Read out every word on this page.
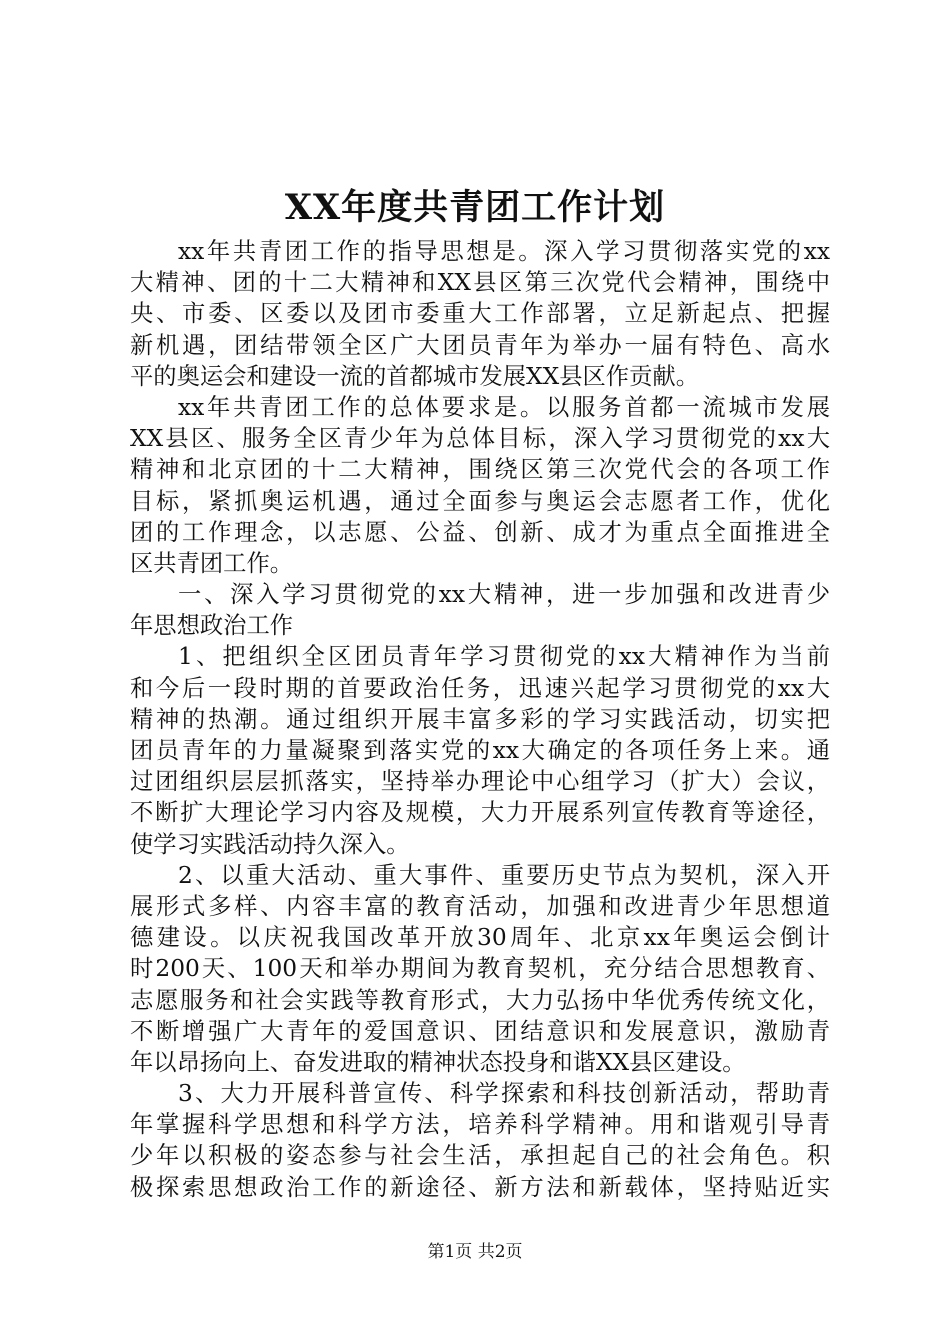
XX年度共青团工作计划
xx年共青团工作的指导思想是。深入学习贯彻落实党的xx
大精神、团的十二大精神和XX县区第三次党代会精神，围绕中
央、市委、区委以及团市委重大工作部署，立足新起点、把握
新机遇，团结带领全区广大团员青年为举办一届有特色、高水
平的奥运会和建设一流的首都城市发展XX县区作贡献。
xx年共青团工作的总体要求是。以服务首都一流城市发展
XX县区、服务全区青少年为总体目标，深入学习贯彻党的xx大
精神和北京团的十二大精神，围绕区第三次党代会的各项工作
目标，紧抓奥运机遇，通过全面参与奥运会志愿者工作，优化
团的工作理念，以志愿、公益、创新、成才为重点全面推进全
区共青团工作。
一、深入学习贯彻党的xx大精神，进一步加强和改进青少
年思想政治工作
1、把组织全区团员青年学习贯彻党的xx大精神作为当前
和今后一段时期的首要政治任务，迅速兴起学习贯彻党的xx大
精神的热潮。通过组织开展丰富多彩的学习实践活动，切实把
团员青年的力量凝聚到落实党的xx大确定的各项任务上来。通
过团组织层层抓落实，坚持举办理论中心组学习（扩大）会议，
不断扩大理论学习内容及规模，大力开展系列宣传教育等途径，
使学习实践活动持久深入。
2、以重大活动、重大事件、重要历史节点为契机，深入开
展形式多样、内容丰富的教育活动，加强和改进青少年思想道
德建设。以庆祝我国改革开放30周年、北京xx年奥运会倒计
时200天、100天和举办期间为教育契机，充分结合思想教育、
志愿服务和社会实践等教育形式，大力弘扬中华优秀传统文化，
不断增强广大青年的爱国意识、团结意识和发展意识，激励青
年以昂扬向上、奋发进取的精神状态投身和谐XX县区建设。
3、大力开展科普宣传、科学探索和科技创新活动，帮助青
年掌握科学思想和科学方法，培养科学精神。用和谐观引导青
少年以积极的姿态参与社会生活，承担起自己的社会角色。积
极探索思想政治工作的新途径、新方法和新载体，坚持贴近实
第1页 共2页
